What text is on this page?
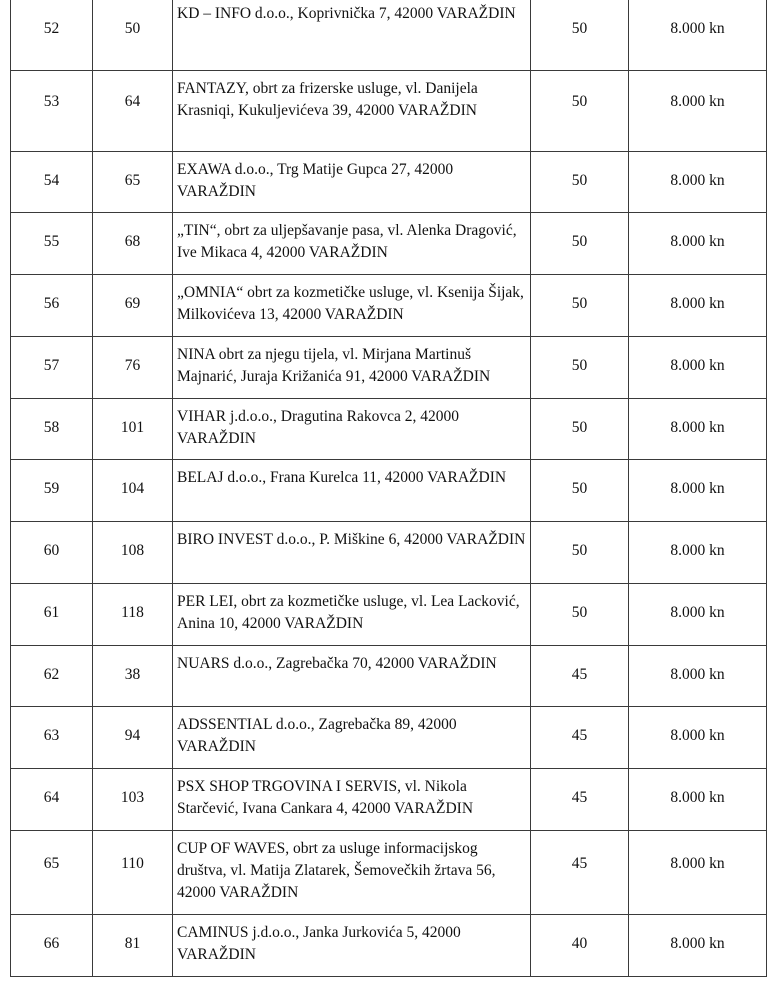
52	50	KD – INFO d.o.o., Koprivnička 7, 42000 VARAŽDIN	50	8.000 kn

53	64	FANTAZY, obrt za frizerske usluge, vl. Danijela Krasniqi, Kukuljevićeva 39, 42000 VARAŽDIN	50	8.000 kn

54	65	EXAWA d.o.o., Trg Matije Gupca 27, 42000 VARAŽDIN	50	8.000 kn

55	68	„TIN“, obrt za uljepšavanje pasa, vl. Alenka Dragović, Ive Mikaca 4, 42000 VARAŽDIN	50	8.000 kn

56	69	„OMNIA“ obrt za kozmetičke usluge, vl. Ksenija Šijak, Milkovićeva 13, 42000 VARAŽDIN	50	8.000 kn

57	76	NINA obrt za njegu tijela, vl. Mirjana Martinuš Majnarić, Juraja Križanića 91, 42000 VARAŽDIN	50	8.000 kn

58	101	VIHAR j.d.o.o., Dragutina Rakovca 2, 42000 VARAŽDIN	50	8.000 kn

59	104	BELAJ d.o.o., Frana Kurelca 11, 42000 VARAŽDIN	50	8.000 kn

60	108	BIRO INVEST d.o.o., P. Miškine 6, 42000 VARAŽDIN	50	8.000 kn

61	118	PER LEI, obrt za kozmetičke usluge, vl. Lea Lacković, Anina 10, 42000 VARAŽDIN	50	8.000 kn

62	38	NUARS d.o.o., Zagrebačka 70, 42000 VARAŽDIN	45	8.000 kn

63	94	ADSSENTIAL d.o.o., Zagrebačka 89, 42000 VARAŽDIN	45	8.000 kn

64	103	PSX SHOP TRGOVINA I SERVIS, vl. Nikola Starčević, Ivana Cankara 4, 42000 VARAŽDIN	45	8.000 kn

65	110	CUP OF WAVES, obrt za usluge informacijskog društva, vl. Matija Zlatarek, Šemovečkih žrtava 56, 42000 VARAŽDIN	45	8.000 kn

66	81	CAMINUS j.d.o.o., Janka Jurkovića 5, 42000 VARAŽDIN	40	8.000 kn
